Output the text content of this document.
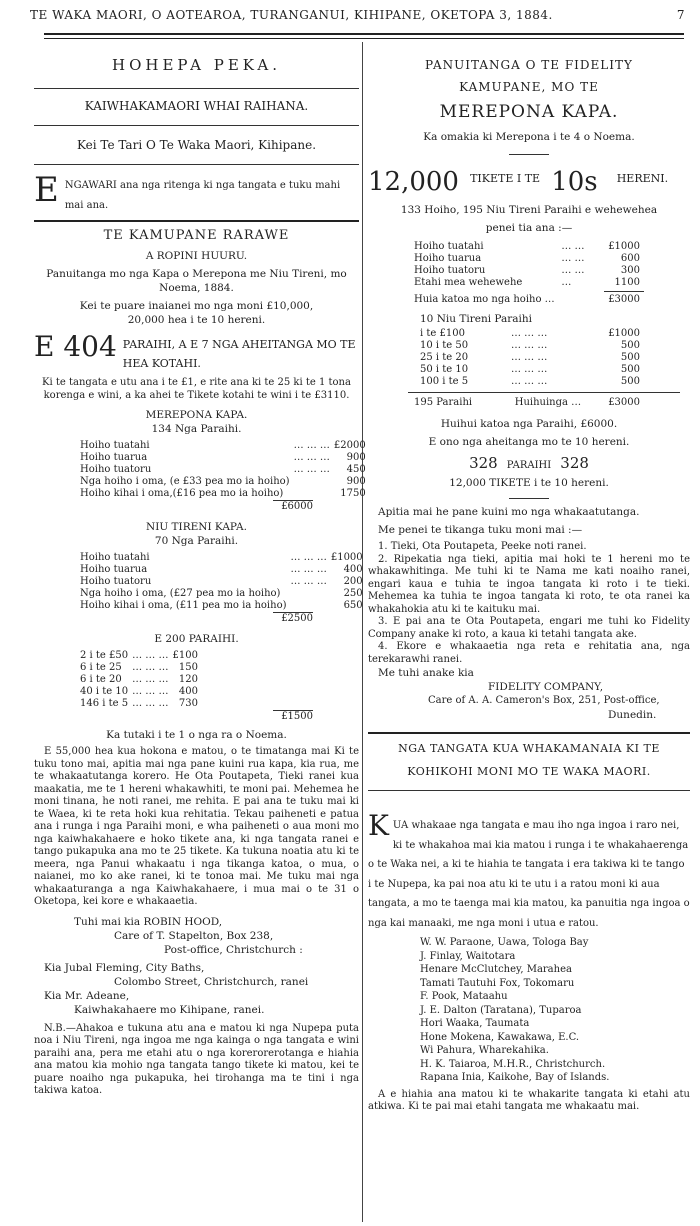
TE WAKA MAORI, O AOTEAROA, TURANGANUI, KIHIPANE, OKETOPA 3, 1884.	7
HOHEPA PEKA.
KAIWHAKAMAORI WHAI RAIHANA.
Kei Te Tari O Te Waka Maori, Kihipane.
E NGAWARI ana nga ritenga ki nga tangata e tuku mahi mai ana.
TE KAMUPANE RARAWE
A ROPINI HUURU.
Panuitanga mo nga Kapa o Merepona me Niu Tireni, mo Noema, 1884.
Kei te puare inaianei mo nga moni £10,000,
20,000 hea i te 10 hereni.
E 404 PARAIHI, A E 7 NGA AHEITANGA MO TE HEA KOTAHI.
Ki te tangata e utu ana i te £1, e rite ana ki te 25 ki te 1 tona korenga e wini, a ka ahei te Tikete kotahi te wini i te £3110.
MEREPONA KAPA.
134 Nga Paraihi.
Hoiho tuatahi	… … …	£2000
Hoiho tuarua	… … …	900
Hoiho tuatoru	… … …	450
Nga hoiho i oma, (e £33 pea mo ia hoiho)		900
Hoiho kihai i oma,(£16 pea mo ia hoiho)		1750
£6000
NIU TIRENI KAPA.
70 Nga Paraihi.
Hoiho tuatahi	… … …	£1000
Hoiho tuarua	… … …	400
Hoiho tuatoru	… … …	200
Nga hoiho i oma, (£27 pea mo ia hoiho)		250
Hoiho kihai i oma, (£11 pea mo ia hoiho)		650
£2500
E 200 PARAIHI.
2 i te £50	… … …	£100
6 i te 25	… … …	150
6 i te 20	… … …	120
40 i te 10	… … …	400
146 i te 5	… … …	730
£1500
Ka tutaki i te 1 o nga ra o Noema.
E 55,000 hea kua hokona e matou, o te timatanga mai Ki te tuku tono mai, apitia mai nga pane kuini rua kapa, kia rua, me te whakaatutanga korero. He Ota Poutapeta, Tieki ranei kua maakatia, me te 1 hereni whakawhiti, te moni pai. Mehemea he moni tinana, he noti ranei, me rehita. E pai ana te tuku mai ki te Waea, ki te reta hoki kua rehitatia. Tekau paiheneti e patua ana i runga i nga Paraihi moni, e wha paiheneti o aua moni mo nga kaiwhakahaere e hoko tikete ana, ki nga tangata ranei e tango pukapuka ana mo te 25 tikete. Ka tukuna noatia atu ki te meera, nga Panui whakaatu i nga tikanga katoa, o mua, o naianei, mo ko ake ranei, ki te tonoa mai. Me tuku mai nga whakaaturanga a nga Kaiwhakahaere, i mua mai o te 31 o Oketopa, kei kore e whakaaetia.
Tuhi mai kia ROBIN HOOD,
Care of T. Stapelton, Box 238,
Post-office, Christchurch :
Kia Jubal Fleming, City Baths,
Colombo Street, Christchurch, ranei
Kia Mr. Adeane,
Kaiwhakahaere mo Kihipane, ranei.
N.B.—Ahakoa e tukuna atu ana e matou ki nga Nupepa puta noa i Niu Tireni, nga ingoa me nga kainga o nga tangata e wini paraihi ana, pera me etahi atu o nga korerorerotanga e hiahia ana matou kia mohio nga tangata tango tikete ki matou, kei te puare noaiho nga pukapuka, hei tirohanga ma te tini i nga takiwa katoa.
PANUITANGA O TE FIDELITY
KAMUPANE, MO TE
MEREPONA KAPA.
Ka omakia ki Merepona i te 4 o Noema.
12,000 $^{TIKETE I TE}$ 10s $^{HERENI.}$
133 Hoiho, 195 Niu Tireni Paraihi e wehewehea
penei tia ana :—
Hoiho tuatahi	… …	£1000
Hoiho tuarua	… …	600
Hoiho tuatoru	… …	300
Etahi mea wehewehe	…	1100
Huia katoa mo nga hoiho …	£3000
10 Niu Tireni Paraihi
i te £100	… … …	£1000
10 i te 50	… … …	500
25 i te 20	… … …	500
50 i te 10	… … …	500
100 i te 5	… … …	500
195 Paraihi	Huihuinga …	£3000
Huihui katoa nga Paraihi, £6000.
E ono nga aheitanga mo te 10 hereni.
328 PARAIHI 328
12,000 TIKETE i te 10 hereni.
Apitia mai he pane kuini mo nga whakaatutanga.
Me penei te tikanga tuku moni mai :—
1. Tieki, Ota Poutapeta, Peeke noti ranei.
2. Ripekatia nga tieki, apitia mai hoki te 1 hereni mo te whakawhitinga. Me tuhi ki te Nama me kati noaiho ranei, engari kaua e tuhia te ingoa tangata ki roto i te tieki. Mehemea ka tuhia te ingoa tangata ki roto, te ota ranei ka whakahokia atu ki te kaituku mai.
3. E pai ana te Ota Poutapeta, engari me tuhi ko Fidelity Company anake ki roto, a kaua ki tetahi tangata ake.
4. Ekore e whakaaetia nga reta e rehitatia ana, nga terekarawhi ranei.
Me tuhi anake kia
FIDELITY COMPANY,
Care of A. A. Cameron's Box, 251, Post-office,
Dunedin.
NGA TANGATA KUA WHAKAMANAIA KI TE
KOHIKOHI MONI MO TE WAKA MAORI.
K UA whakaae nga tangata e mau iho nga ingoa i raro nei, ki te whakahoa mai kia matou i runga i te whakahaerenga o te Waka nei, a ki te hiahia te tangata i era takiwa ki te tango i te Nupepa, ka pai noa atu ki te utu i a ratou moni ki aua tangata, a mo te taenga mai kia matou, ka panuitia nga ingoa o nga kai manaaki, me nga moni i utua e ratou.
W. W. Paraone, Uawa, Tologa Bay
J. Finlay, Waitotara
Henare McClutchey, Marahea
Tamati Tautuhi Fox, Tokomaru
F. Pook, Mataahu
J. E. Dalton (Taratana), Tuparoa
Hori Waaka, Taumata
Hone Mokena, Kawakawa, E.C.
Wi Pahura, Wharekahika.
H. K. Taiaroa, M.H.R., Christchurch.
Rapana Inia, Kaikohe, Bay of Islands.
A e hiahia ana matou ki te whakarite tangata ki etahi atu atkiwa. Ki te pai mai etahi tangata me whakaatu mai.
